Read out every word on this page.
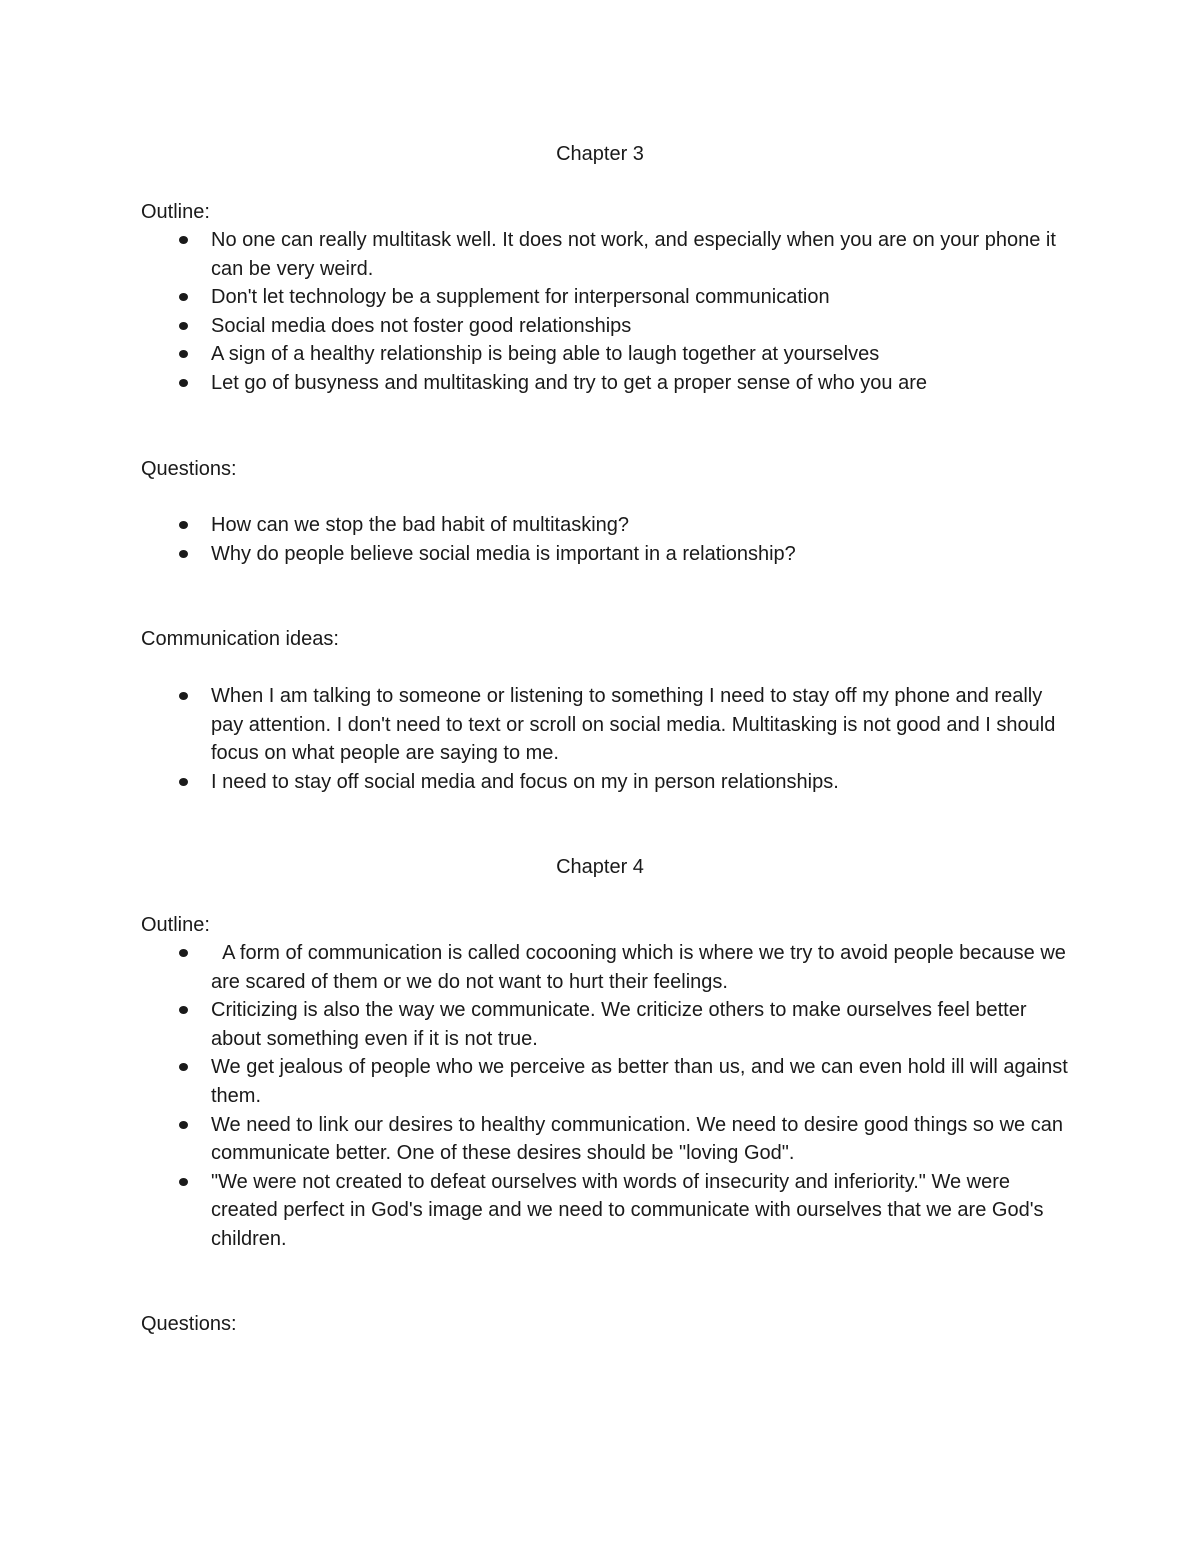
Chapter 3
Outline:
No one can really multitask well. It does not work, and especially when you are on your phone it can be very weird.
Don't let technology be a supplement for interpersonal communication
Social media does not foster good relationships
A sign of a healthy relationship is being able to laugh together at yourselves
Let go of busyness and multitasking and try to get a proper sense of who you are
Questions:
How can we stop the bad habit of multitasking?
Why do people believe social media is important in a relationship?
Communication ideas:
When I am talking to someone or listening to something I need to stay off my phone and really pay attention. I don't need to text or scroll on social media. Multitasking is not good and I should focus on what people are saying to me.
I need to stay off social media and focus on my in person relationships.
Chapter 4
Outline:
A form of communication is called cocooning which is where we try to avoid people because we are scared of them or we do not want to hurt their feelings.
Criticizing is also the way we communicate. We criticize others to make ourselves feel better about something even if it is not true.
We get jealous of people who we perceive as better than us, and we can even hold ill will against them.
We need to link our desires to healthy communication. We need to desire good things so we can communicate better. One of these desires should be "loving God".
"We were not created to defeat ourselves with words of insecurity and inferiority." We were created perfect in God's image and we need to communicate with ourselves that we are God's children.
Questions:
